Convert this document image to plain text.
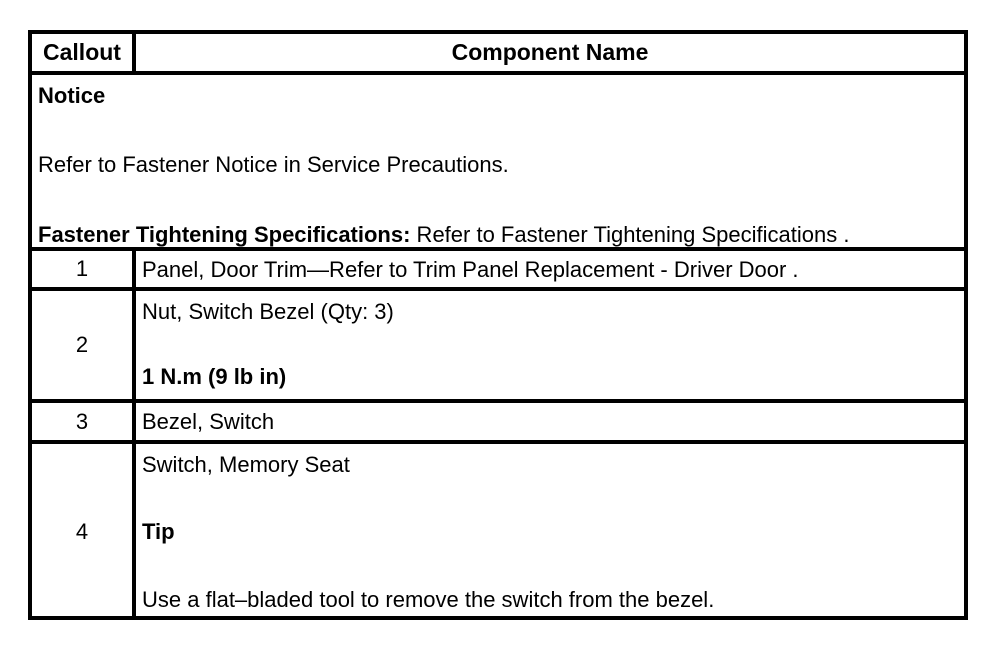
Callout	Component Name
Notice
Refer to Fastener Notice in Service Precautions.
Fastener Tightening Specifications: Refer to Fastener Tightening Specifications .
1 Panel, Door Trim—Refer to Trim Panel Replacement - Driver Door .
2
Nut, Switch Bezel (Qty: 3)
1 N.m (9 lb in)
3 Bezel, Switch
4
Switch, Memory Seat
Tip
Use a flat–bladed tool to remove the switch from the bezel.
